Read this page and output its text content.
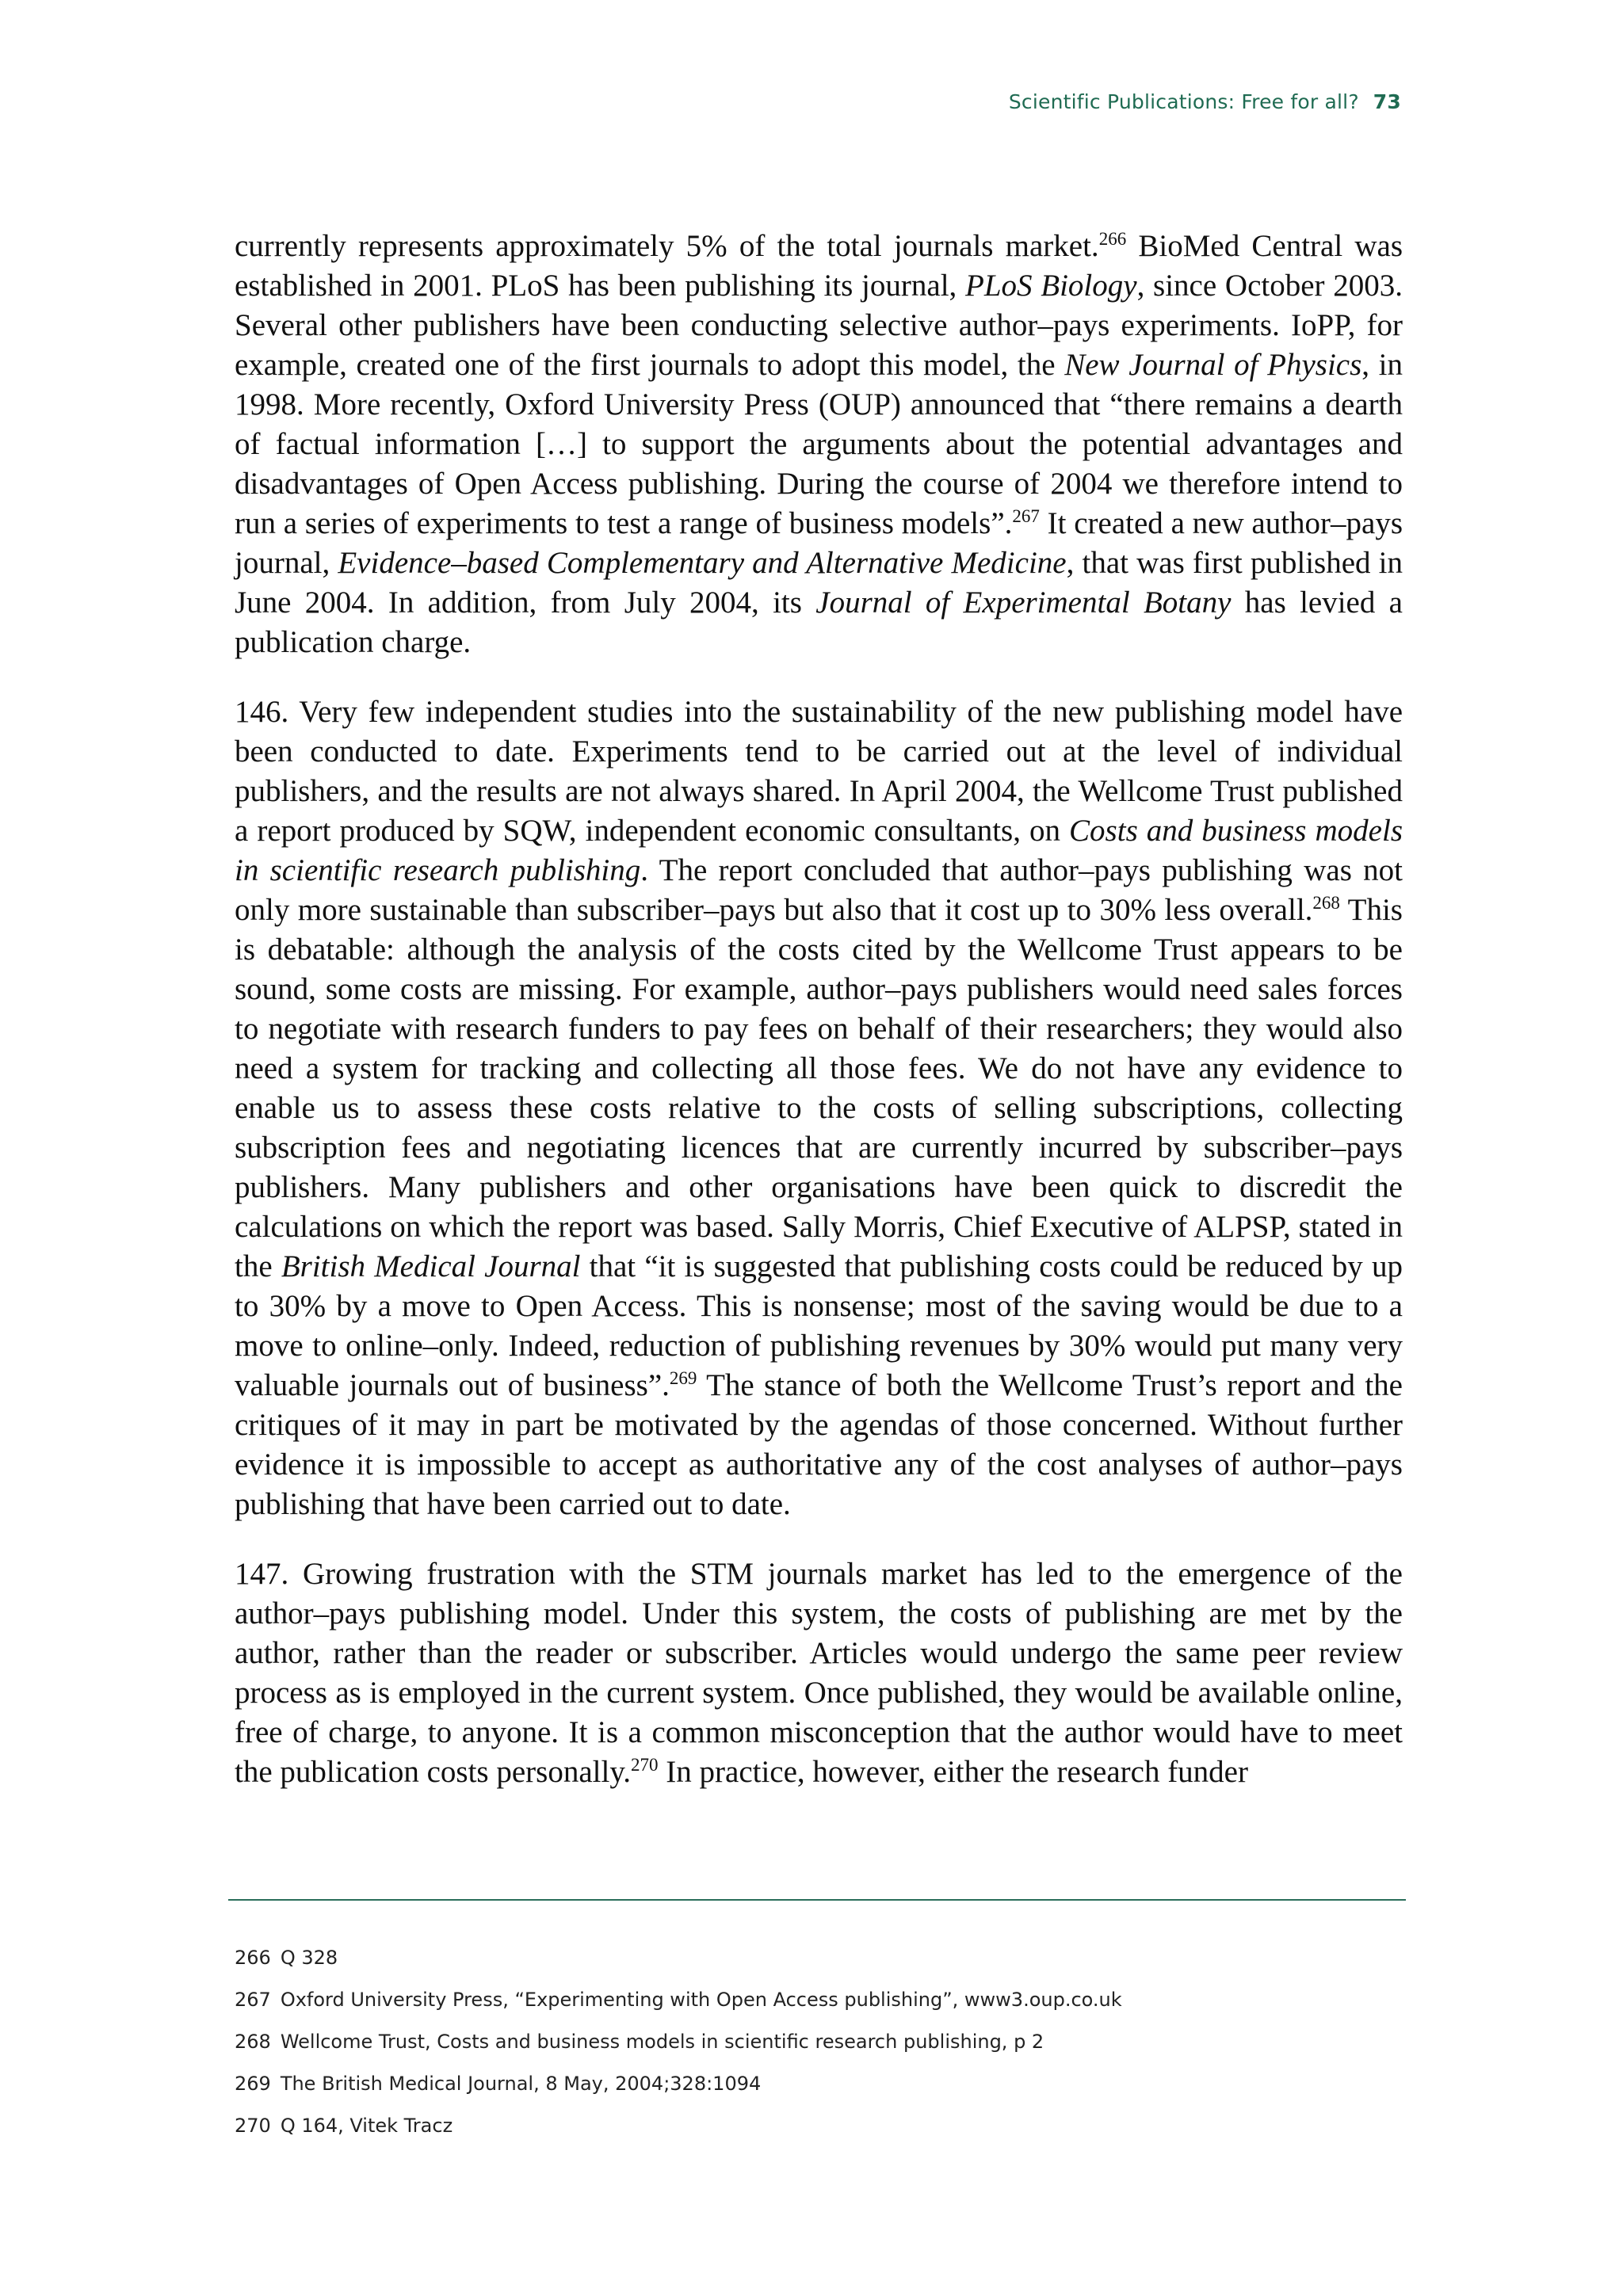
Scientific Publications: Free for all? 73

currently represents approximately 5% of the total journals market.$^{266}$ BioMed Central was established in 2001. PLoS has been publishing its journal, PLoS Biology, since October 2003. Several other publishers have been conducting selective author–pays experiments. IoPP, for example, created one of the first journals to adopt this model, the New Journal of Physics, in 1998. More recently, Oxford University Press (OUP) announced that “there remains a dearth of factual information […] to support the arguments about the potential advantages and disadvantages of Open Access publishing. During the course of 2004 we therefore intend to run a series of experiments to test a range of business models”.$^{267}$ It created a new author–pays journal, Evidence–based Complementary and Alternative Medicine, that was first published in June 2004. In addition, from July 2004, its Journal of Experimental Botany has levied a publication charge.

146. Very few independent studies into the sustainability of the new publishing model have been conducted to date. Experiments tend to be carried out at the level of individual publishers, and the results are not always shared. In April 2004, the Wellcome Trust published a report produced by SQW, independent economic consultants, on Costs and business models in scientific research publishing. The report concluded that author–pays publishing was not only more sustainable than subscriber–pays but also that it cost up to 30% less overall.$^{268}$ This is debatable: although the analysis of the costs cited by the Wellcome Trust appears to be sound, some costs are missing. For example, author–pays publishers would need sales forces to negotiate with research funders to pay fees on behalf of their researchers; they would also need a system for tracking and collecting all those fees. We do not have any evidence to enable us to assess these costs relative to the costs of selling subscriptions, collecting subscription fees and negotiating licences that are currently incurred by subscriber–pays publishers. Many publishers and other organisations have been quick to discredit the calculations on which the report was based. Sally Morris, Chief Executive of ALPSP, stated in the British Medical Journal that “it is suggested that publishing costs could be reduced by up to 30% by a move to Open Access. This is nonsense; most of the saving would be due to a move to online–only. Indeed, reduction of publishing revenues by 30% would put many very valuable journals out of business”.$^{269}$ The stance of both the Wellcome Trust’s report and the critiques of it may in part be motivated by the agendas of those concerned. Without further evidence it is impossible to accept as authoritative any of the cost analyses of author–pays publishing that have been carried out to date.

147. Growing frustration with the STM journals market has led to the emergence of the author–pays publishing model. Under this system, the costs of publishing are met by the author, rather than the reader or subscriber. Articles would undergo the same peer review process as is employed in the current system. Once published, they would be available online, free of charge, to anyone. It is a common misconception that the author would have to meet the publication costs personally.$^{270}$ In practice, however, either the research funder

266 Q 328
267 Oxford University Press, “Experimenting with Open Access publishing”, www3.oup.co.uk
268 Wellcome Trust, Costs and business models in scientific research publishing, p 2
269 The British Medical Journal, 8 May, 2004;328:1094
270 Q 164, Vitek Tracz
